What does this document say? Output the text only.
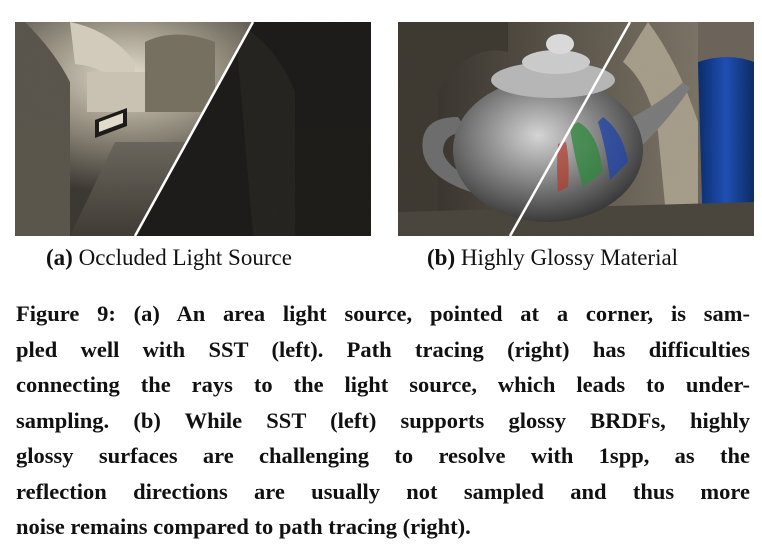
(a) Occluded Light Source	(b) Highly Glossy Material
Figure 9: (a) An area light source, pointed at a corner, is sam-
pled well with SST (left). Path tracing (right) has difficulties
connecting the rays to the light source, which leads to under-
sampling. (b) While SST (left) supports glossy BRDFs, highly
glossy surfaces are challenging to resolve with 1spp, as the
reflection directions are usually not sampled and thus more
noise remains compared to path tracing (right).
